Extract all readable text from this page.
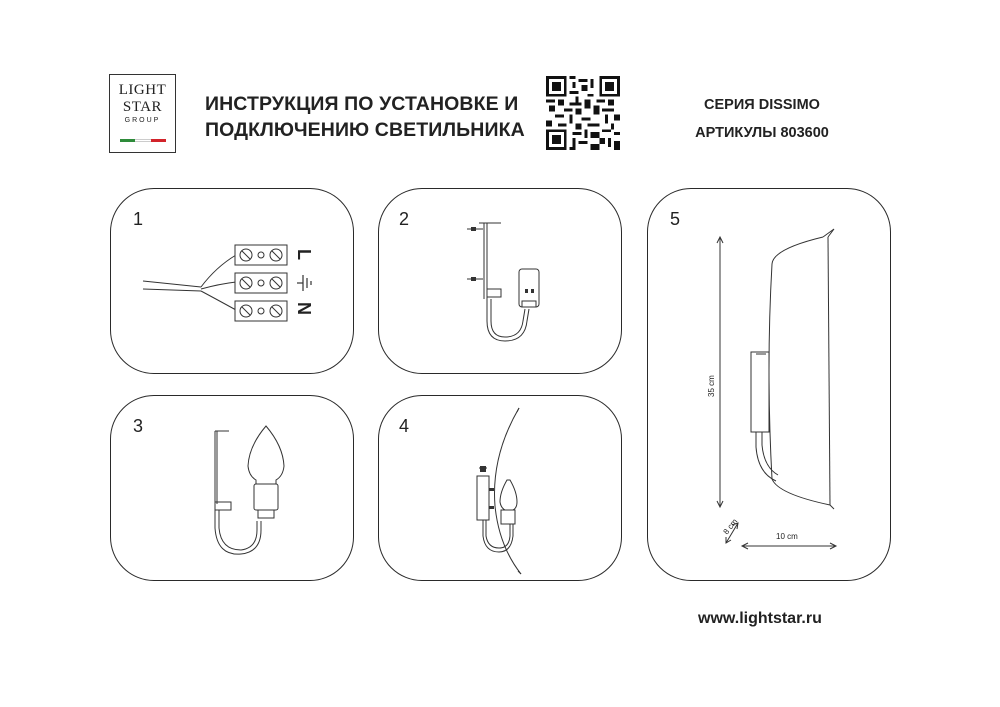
LIGHT
STAR
GROUP
ИНСТРУКЦИЯ ПО УСТАНОВКЕ И
ПОДКЛЮЧЕНИЮ СВЕТИЛЬНИКА
СЕРИЯ DISSIMO
АРТИКУЛЫ 803600
1
L
N
2
3	4
5
35 cm
8 cm
10 cm
www.lightstar.ru
